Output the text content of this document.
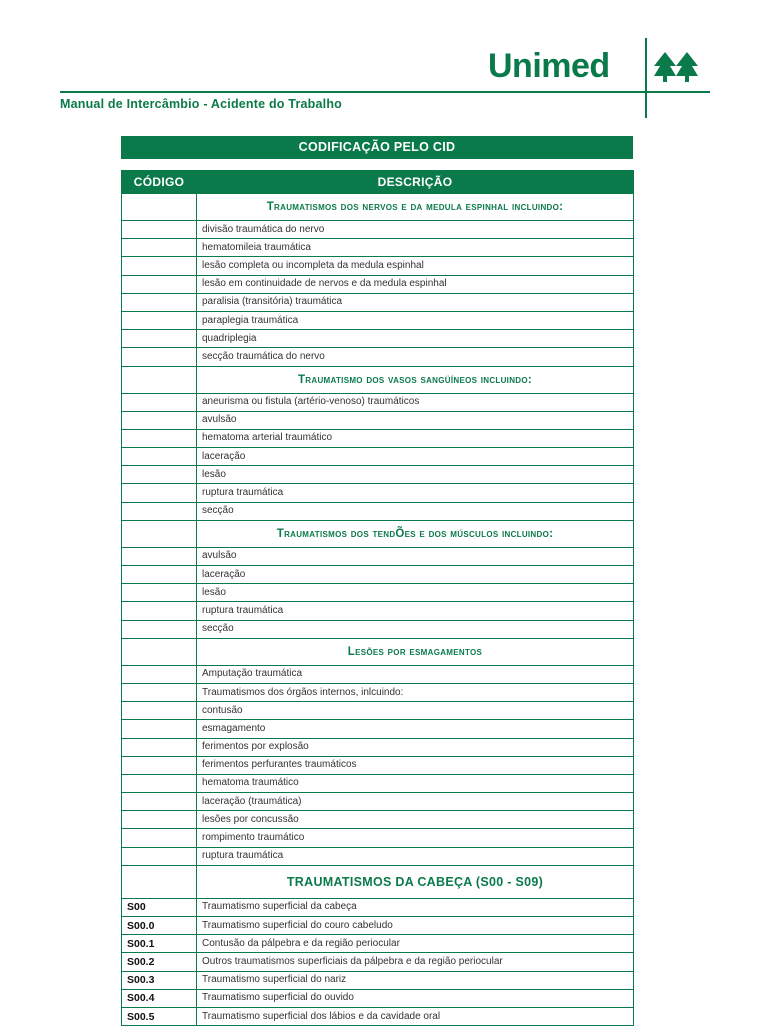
Unimed
Manual de Intercâmbio - Acidente do Trabalho
CODIFICAÇÃO PELO CID
CÓDIGO	DESCRIÇÃO
	Traumatismos dos nervos e da medula espinhal incluindo:
	divisão traumática do nervo
	hematomileia traumática
	lesão completa ou incompleta da medula espinhal
	lesão em continuidade de nervos e da medula espinhal
	paralisia (transitória) traumática
	paraplegia traumática
	quadriplegia
	secção traumática do nervo
	Traumatismo dos vasos sangüíneos incluindo:
	aneurisma ou fistula (artério-venoso) traumáticos
	avulsão
	hematoma arterial traumático
	laceração
	lesão
	ruptura traumática
	secção
	Traumatismos dos tendÕes e dos músculos incluindo:
	avulsão
	laceração
	lesão
	ruptura traumática
	secção
	Lesões por esmagamentos
	Amputação traumática
	Traumatismos dos órgãos internos, inlcuindo:
	contusão
	esmagamento
	ferimentos por explosão
	ferimentos perfurantes traumáticos
	hematoma traumático
	laceração (traumática)
	lesões por concussão
	rompimento traumático
	ruptura traumática
	TRAUMATISMOS DA CABEÇA (S00 - S09)
S00	Traumatismo superficial da cabeça
S00.0	Traumatismo superficial do couro cabeludo
S00.1	Contusão da pálpebra e da região periocular
S00.2	Outros traumatismos superficiais da pálpebra e da região periocular
S00.3	Traumatismo superficial do nariz
S00.4	Traumatismo superficial do ouvido
S00.5	Traumatismo superficial dos lábios e da cavidade oral
